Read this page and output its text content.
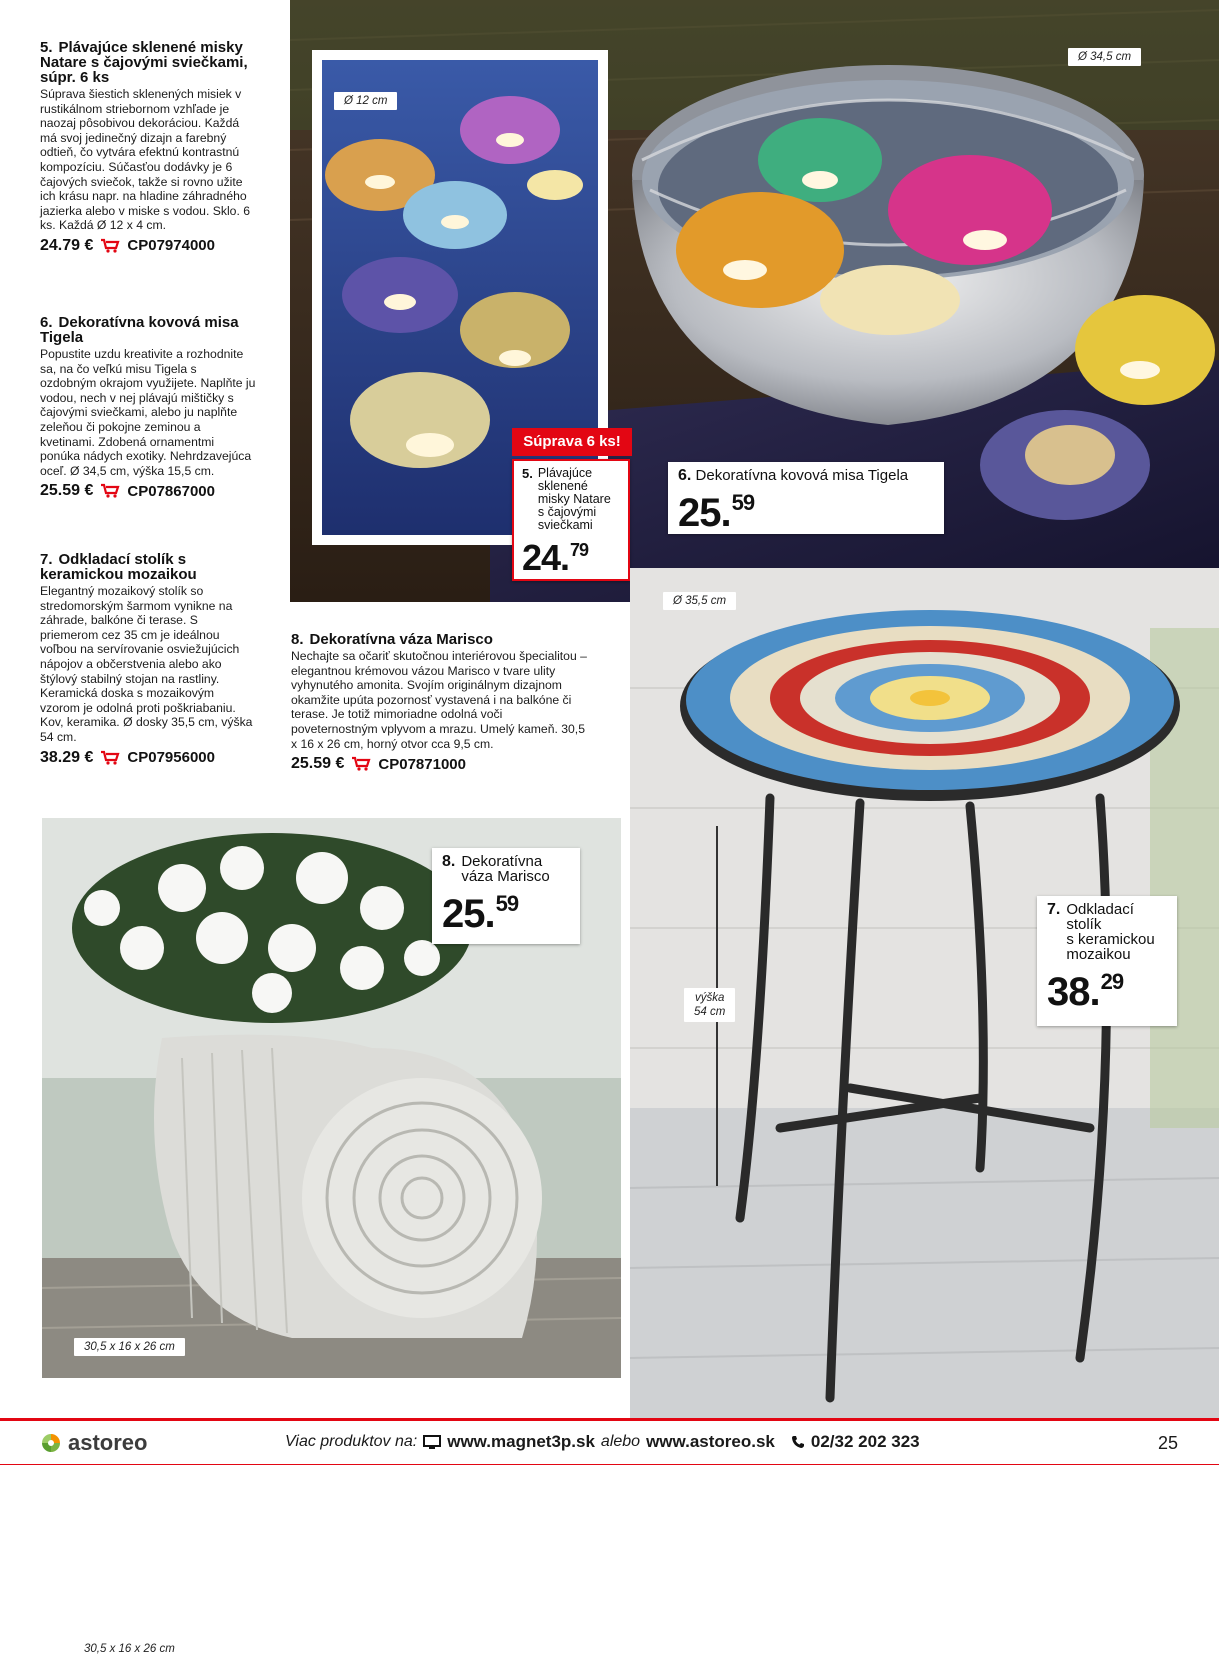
5. Plávajúce sklenené misky Natare s čajovými sviečkami, súpr. 6 ks

Súprava šiestich sklenených misiek v rustikálnom striebornom vzhľade je naozaj pôsobivou dekoráciou. Každá má svoj jedinečný dizajn a farebný odtieň, čo vytvára efektnú kontrastnú kompozíciu. Súčasťou dodávky je 6 čajových sviečok, takže si rovno užite ich krásu napr. na hladine záhradného jazierka alebo v miske s vodou. Sklo. 6 ks. Každá Ø 12 x 4 cm.

24.79 € CP07974000
6. Dekoratívna kovová misa Tigela

Popustite uzdu kreativite a rozhodnite sa, na čo veľkú misu Tigela s ozdobným okrajom využijete. Naplňte ju vodou, nech v nej plávajú mištičky s čajovými sviečkami, alebo ju naplňte zeleňou či pokojne zeminou a kvetinami. Zdobená ornamentmi ponúka nádych exotiky. Nehrdzavejúca oceľ. Ø 34,5 cm, výška 15,5 cm.

25.59 € CP07867000
7. Odkladací stolík s keramickou mozaikou

Elegantný mozaikový stolík so stredomorským šarmom vynikne na záhrade, balkóne či terase. S priemerom cez 35 cm je ideálnou voľbou na servírovanie osviežujúcich nápojov a občerstvenia alebo ako štýlový stabilný stojan na rastliny. Keramická doska s mozaikovým vzorom je odolná proti poškriabaniu. Kov, keramika. Ø dosky 35,5 cm, výška 54 cm.

38.29 € CP07956000
8. Dekoratívna váza Marisco

Nechajte sa očariť skutočnou interiérovou špecialitou – elegantnou krémovou vázou Marisco v tvare ulity vyhynutého amonita. Svojím originálnym dizajnom okamžite upúta pozornosť vystavená i na balkóne či terase. Je totiž mimoriadne odolná voči poveternostným vplyvom a mrazu. Umelý kameň. 30,5 x 16 x 26 cm, horný otvor cca 9,5 cm.

25.59 € CP07871000
Ø 12 cm
Ø 34,5 cm
Súprava 6 ks!
5. Plávajúce
sklenené
misky Natare
s čajovými
sviečkami
24.79
6. Dekoratívna kovová misa Tigela
25.59
Ø 35,5 cm
výška
54 cm
7. Odkladací
stolík
s keramickou
mozaikou
38.29
30,5 x 16 x 26 cm
30,5 x 16 x 26 cm
8. Dekoratívna
váza Marisco
25.59
astoreo	Viac produktov na: www.magnet3p.sk alebo www.astoreo.sk 02/32 202 323	25
